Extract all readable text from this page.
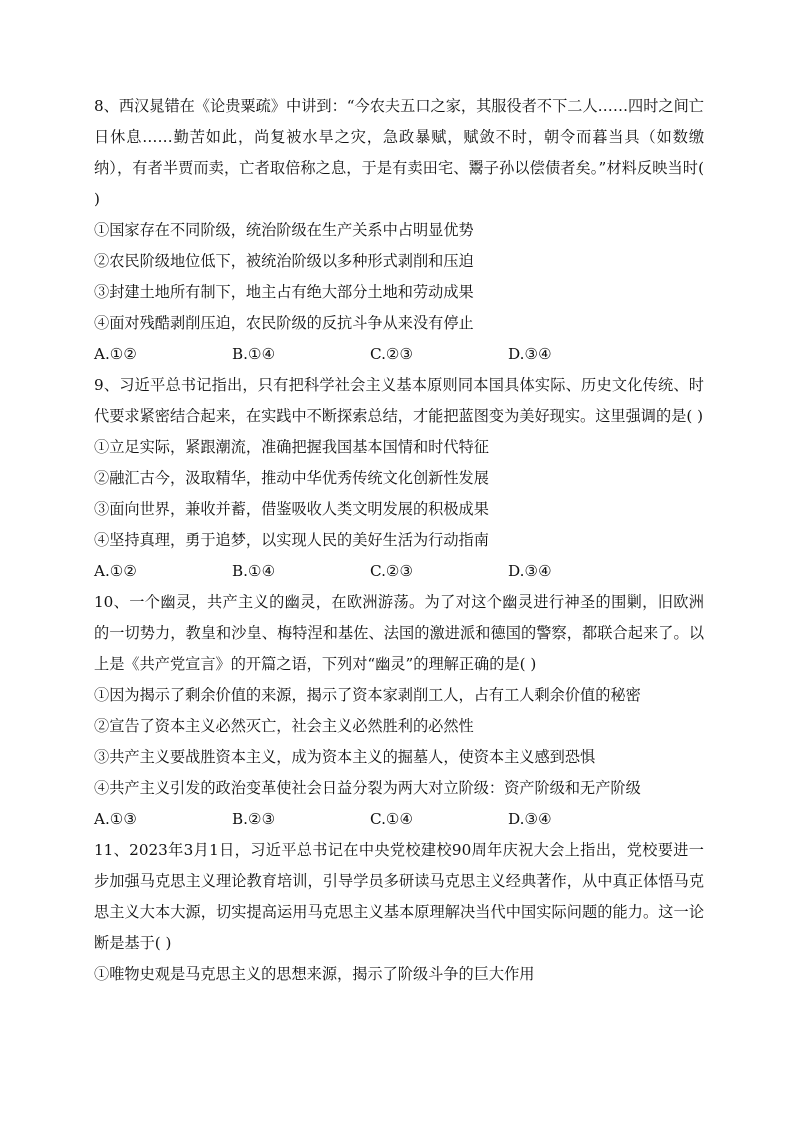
8、西汉晁错在《论贵粟疏》中讲到：“今农夫五口之家，其服役者不下二人……四时之间亡日休息……勤苦如此，尚复被水旱之灾，急政暴赋，赋敛不时，朝令而暮当具（如数缴纳），有者半贾而卖，亡者取倍称之息，于是有卖田宅、鬻子孙以偿债者矣。”材料反映当时( )

①国家存在不同阶级，统治阶级在生产关系中占明显优势

②农民阶级地位低下，被统治阶级以多种形式剥削和压迫

③封建土地所有制下，地主占有绝大部分土地和劳动成果

④面对残酷剥削压迫，农民阶级的反抗斗争从来没有停止

A.①②	B.①④	C.②③	D.③④

9、习近平总书记指出，只有把科学社会主义基本原则同本国具体实际、历史文化传统、时代要求紧密结合起来，在实践中不断探索总结，才能把蓝图变为美好现实。这里强调的是( )

①立足实际，紧跟潮流，准确把握我国基本国情和时代特征

②融汇古今，汲取精华，推动中华优秀传统文化创新性发展

③面向世界，兼收并蓄，借鉴吸收人类文明发展的积极成果

④坚持真理，勇于追梦，以实现人民的美好生活为行动指南

A.①②	B.①④	C.②③	D.③④

10、一个幽灵，共产主义的幽灵，在欧洲游荡。为了对这个幽灵进行神圣的围剿，旧欧洲的一切势力，教皇和沙皇、梅特涅和基佐、法国的激进派和德国的警察，都联合起来了。以上是《共产党宣言》的开篇之语，下列对“幽灵”的理解正确的是( )

①因为揭示了剩余价值的来源，揭示了资本家剥削工人，占有工人剩余价值的秘密

②宣告了资本主义必然灭亡，社会主义必然胜利的必然性

③共产主义要战胜资本主义，成为资本主义的掘墓人，使资本主义感到恐惧

④共产主义引发的政治变革使社会日益分裂为两大对立阶级：资产阶级和无产阶级

A.①③	B.②③	C.①④	D.③④

11、2023年3月1日，习近平总书记在中央党校建校90周年庆祝大会上指出，党校要进一步加强马克思主义理论教育培训，引导学员多研读马克思主义经典著作，从中真正体悟马克思主义大本大源，切实提高运用马克思主义基本原理解决当代中国实际问题的能力。这一论断是基于( )

①唯物史观是马克思主义的思想来源，揭示了阶级斗争的巨大作用
